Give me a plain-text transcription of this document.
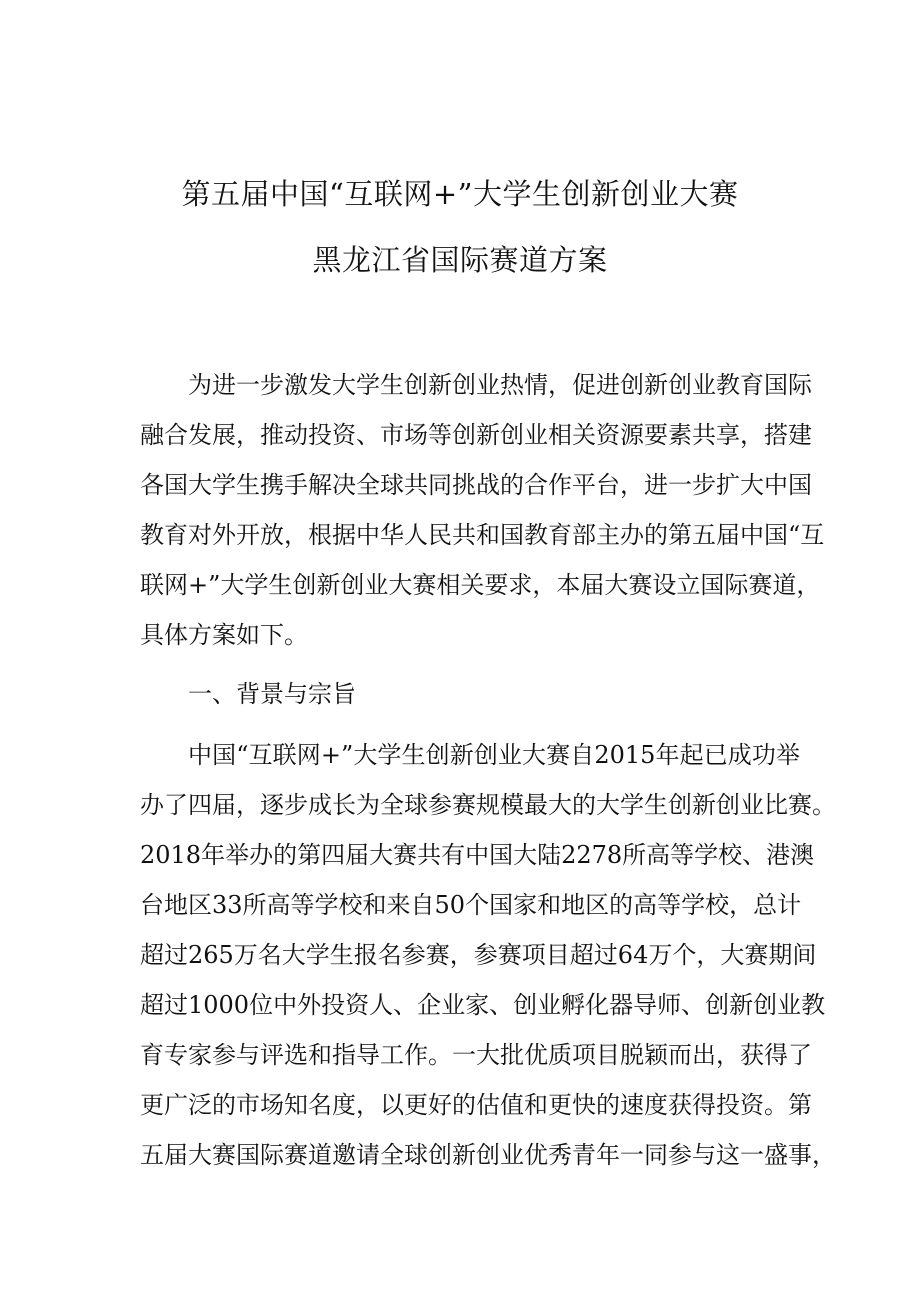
第五届中国“互联网+”大学生创新创业大赛
黑龙江省国际赛道方案
为进一步激发大学生创新创业热情，促进创新创业教育国际
融合发展，推动投资、市场等创新创业相关资源要素共享，搭建
各国大学生携手解决全球共同挑战的合作平台，进一步扩大中国
教育对外开放，根据中华人民共和国教育部主办的第五届中国“互
联网+”大学生创新创业大赛相关要求，本届大赛设立国际赛道，
具体方案如下。
一、背景与宗旨
中国“互联网+”大学生创新创业大赛自2015年起已成功举
办了四届，逐步成长为全球参赛规模最大的大学生创新创业比赛。
2018年举办的第四届大赛共有中国大陆2278所高等学校、港澳
台地区33所高等学校和来自50个国家和地区的高等学校，总计
超过265万名大学生报名参赛，参赛项目超过64万个，大赛期间
超过1000位中外投资人、企业家、创业孵化器导师、创新创业教
育专家参与评选和指导工作。一大批优质项目脱颖而出，获得了
更广泛的市场知名度，以更好的估值和更快的速度获得投资。第
五届大赛国际赛道邀请全球创新创业优秀青年一同参与这一盛事，
